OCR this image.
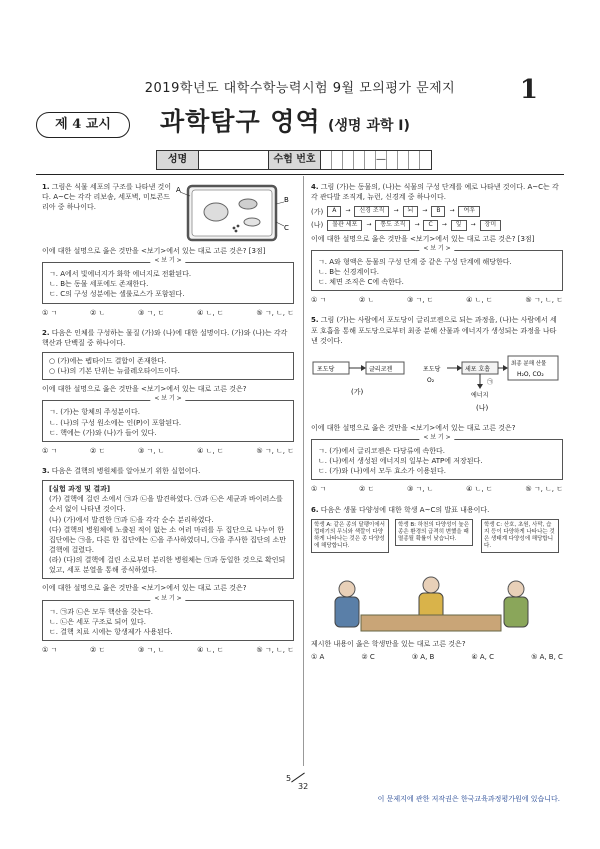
2019학년도 대학수학능력시험 9월 모의평가 문제지	1
제 4 교시	과학탐구 영역 (생명 과학 I)
성명	수험 번호	—
1. 그림은 식물 세포의 구조를 나타낸 것이다. A~C는 각각 리보솜, 세포벽, 미토콘드리아 중 하나이다.
A
B
C
이에 대한 설명으로 옳은 것만을 <보기>에서 있는 대로 고른 것은? [3점]
< 보 기 >
ㄱ. A에서 빛에너지가 화학 에너지로 전환된다.
ㄴ. B는 동물 세포에도 존재한다.
ㄷ. C의 구성 성분에는 셀룰로스가 포함된다.
① ㄱ	② ㄴ	③ ㄱ, ㄷ	④ ㄴ, ㄷ	⑤ ㄱ, ㄴ, ㄷ
2. 다음은 인체를 구성하는 물질 (가)와 (나)에 대한 설명이다. (가)와 (나)는 각각 핵산과 단백질 중 하나이다.
○ (가)에는 펩타이드 결합이 존재한다.
○ (나)의 기본 단위는 뉴클레오타이드이다.
이에 대한 설명으로 옳은 것만을 <보기>에서 있는 대로 고른 것은?
< 보 기 >
ㄱ. (가)는 항체의 주성분이다.
ㄴ. (나)의 구성 원소에는 인(P)이 포함된다.
ㄷ. 핵에는 (가)와 (나)가 들어 있다.
① ㄱ	② ㄷ	③ ㄱ, ㄴ	④ ㄴ, ㄷ	⑤ ㄱ, ㄴ, ㄷ
3. 다음은 결핵의 병원체를 알아보기 위한 실험이다.
[실험 과정 및 결과]
(가) 결핵에 걸린 소에서 ㉠과 ㉡을 발견하였다. ㉠과 ㉡은 세균과 바이러스를 순서 없이 나타낸 것이다.
(나) (가)에서 발견한 ㉠과 ㉡을 각각 순수 분리하였다.
(다) 결핵의 병원체에 노출된 적이 없는 소 여러 마리를 두 집단으로 나누어 한 집단에는 ㉠을, 다른 한 집단에는 ㉡을 주사하였더니, ㉠을 주사한 집단의 소만 결핵에 걸렸다.
(라) (다)의 결핵에 걸린 소로부터 분리한 병원체는 ㉠과 동일한 것으로 확인되었고, 세포 분열을 통해 증식하였다.
이에 대한 설명으로 옳은 것만을 <보기>에서 있는 대로 고른 것은?
< 보 기 >
ㄱ. ㉠과 ㉡은 모두 핵산을 갖는다.
ㄴ. ㉡은 세포 구조로 되어 있다.
ㄷ. 결핵 치료 시에는 항생제가 사용된다.
① ㄱ	② ㄷ	③ ㄱ, ㄴ	④ ㄴ, ㄷ	⑤ ㄱ, ㄴ, ㄷ
4. 그림 (가)는 동물의, (나)는 식물의 구성 단계를 예로 나타낸 것이다. A~C는 각각 관다발 조직계, 뉴런, 신경계 중 하나이다.
(가)	A	→	신경 조직	→	뇌	→	B	→	여우
(나)	물관 세포	→	통도 조직	→	C	→	잎	→	장미
이에 대한 설명으로 옳은 것만을 <보기>에서 있는 대로 고른 것은? [3점]
< 보 기 >
ㄱ. A와 형액은 동물의 구성 단계 중 같은 구성 단계에 해당한다.
ㄴ. B는 신경계이다.
ㄷ. 체면 조직은 C에 속한다.
① ㄱ	② ㄴ	③ ㄱ, ㄷ	④ ㄴ, ㄷ	⑤ ㄱ, ㄴ, ㄷ
5. 그림 (가)는 사람에서 포도당이 글리코젠으로 되는 과정을, (나)는 사람에서 세포 호흡을 통해 포도당으로부터 최종 분해 산물과 에너지가 생성되는 과정을 나타낸 것이다.
포도당	글리코젠
(가)
포도당
O₂
세포 호흡
최종 분해 산물
H₂O, CO₂
에너지
㉠
(나)
이에 대한 설명으로 옳은 것만을 <보기>에서 있는 대로 고른 것은?
< 보 기 >
ㄱ. (가)에서 글리코젠은 다당류에 속한다.
ㄴ. (나)에서 생성된 에너지의 일부는 ATP에 저장된다.
ㄷ. (가)와 (나)에서 모두 효소가 이용된다.
① ㄱ	② ㄷ	③ ㄱ, ㄴ	④ ㄴ, ㄷ	⑤ ㄱ, ㄴ, ㄷ
6. 다음은 생물 다양성에 대한 학생 A~C의 발표 내용이다.
학생 A: 같은 종의 달팽이에서 껍데기의 무늬와 색깔이 다양하게 나타나는 것은 종 다양성에 해당합니다.
학생 B: 하천의 다양성이 높은 종은 환경의 급격히 변했을 때 멸종될 확률이 낮습니다.
학생 C: 산호, 초원, 사막, 습지 등이 다양하게 나타나는 것은 생태계 다양성에 해당합니다.
제시한 내용이 옳은 학생만을 있는 대로 고른 것은?
① A	② C	③ A, B	④ A, C	⑤ A, B, C
5
32
이 문제지에 관한 저작권은 한국교육과정평가원에 있습니다.
